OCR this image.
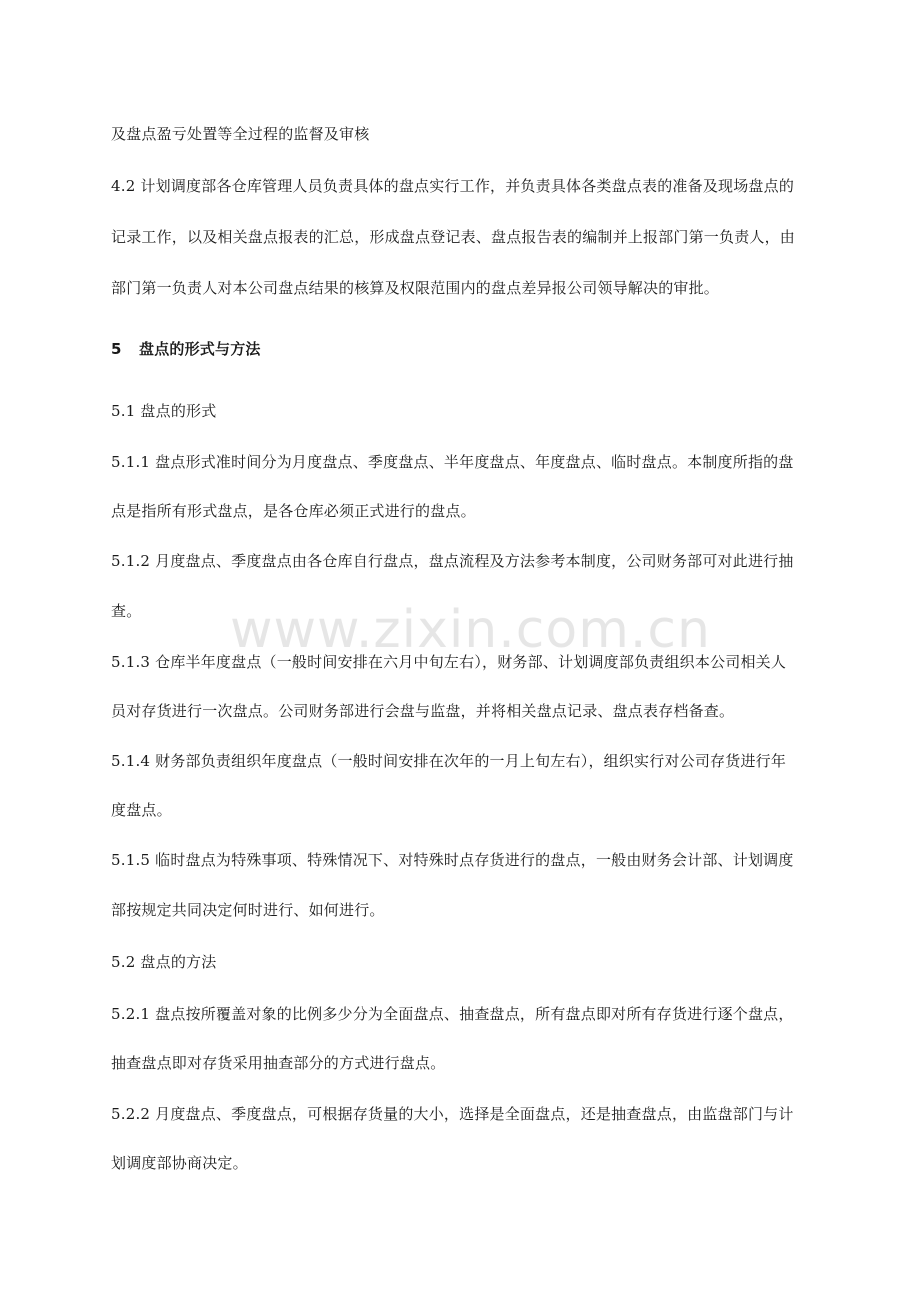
及盘点盈亏处置等全过程的监督及审核
4.2 计划调度部各仓库管理人员负责具体的盘点实行工作，并负责具体各类盘点表的准备及现场盘点的
记录工作，以及相关盘点报表的汇总，形成盘点登记表、盘点报告表的编制并上报部门第一负责人，由
部门第一负责人对本公司盘点结果的核算及权限范围内的盘点差异报公司领导解决的审批。
5 盘点的形式与方法
5.1 盘点的形式
5.1.1 盘点形式准时间分为月度盘点、季度盘点、半年度盘点、年度盘点、临时盘点。本制度所指的盘
点是指所有形式盘点，是各仓库必须正式进行的盘点。
5.1.2 月度盘点、季度盘点由各仓库自行盘点，盘点流程及方法参考本制度，公司财务部可对此进行抽
查。
5.1.3 仓库半年度盘点（一般时间安排在六月中旬左右），财务部、计划调度部负责组织本公司相关人
员对存货进行一次盘点。公司财务部进行会盘与监盘，并将相关盘点记录、盘点表存档备查。
5.1.4 财务部负责组织年度盘点（一般时间安排在次年的一月上旬左右），组织实行对公司存货进行年
度盘点。
5.1.5 临时盘点为特殊事项、特殊情况下、对特殊时点存货进行的盘点，一般由财务会计部、计划调度
部按规定共同决定何时进行、如何进行。
5.2 盘点的方法
5.2.1 盘点按所覆盖对象的比例多少分为全面盘点、抽查盘点，所有盘点即对所有存货进行逐个盘点，
抽查盘点即对存货采用抽查部分的方式进行盘点。
5.2.2 月度盘点、季度盘点，可根据存货量的大小，选择是全面盘点，还是抽查盘点，由监盘部门与计
划调度部协商决定。
www.zixin.com.cn
